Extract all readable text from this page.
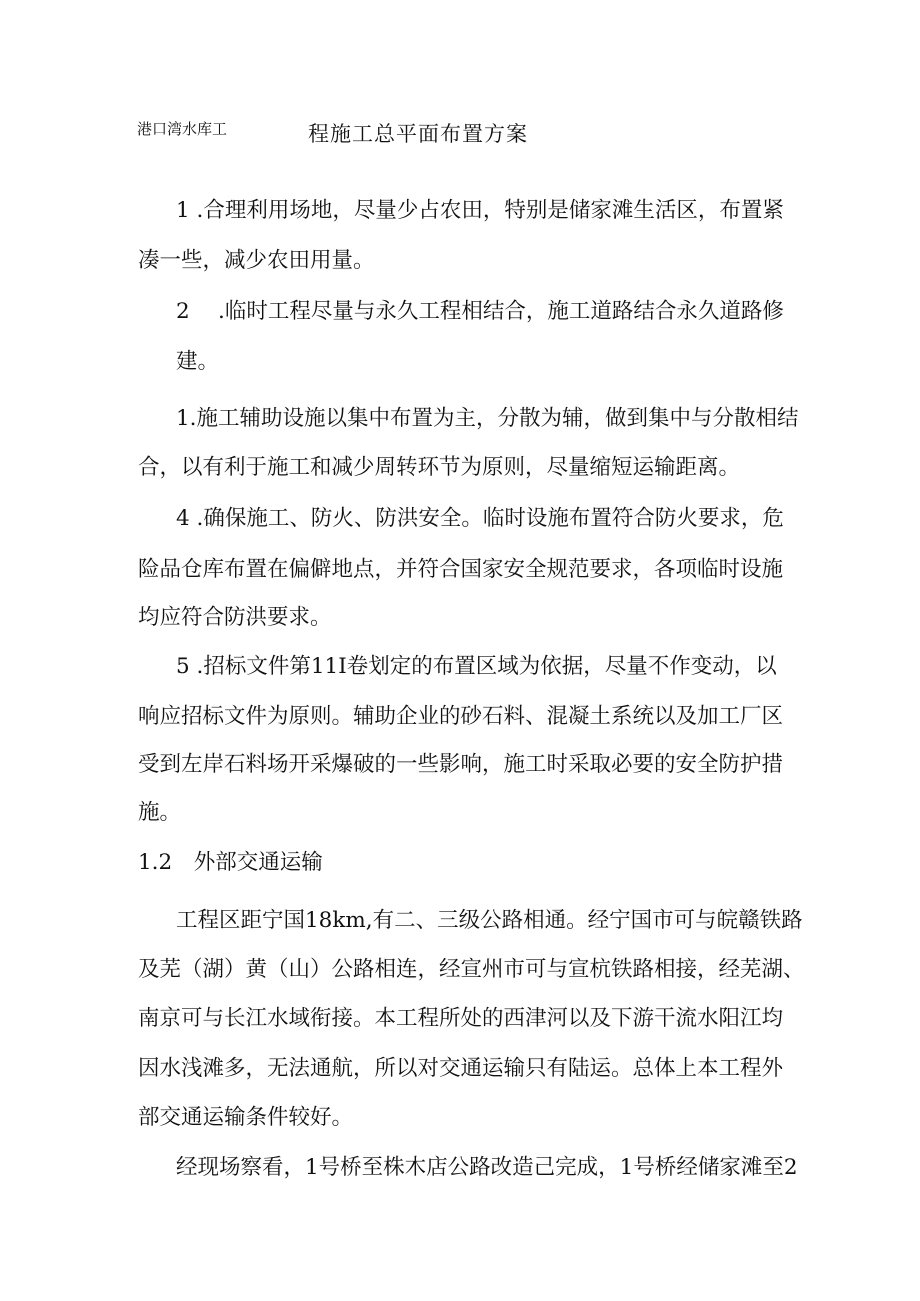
港口湾水库工	程施工总平面布置方案
1 .合理利用场地，尽量少占农田，特别是储家滩生活区，布置紧
凑一些，减少农田用量。
2　 .临时工程尽量与永久工程相结合，施工道路结合永久道路修
建。
1.施工辅助设施以集中布置为主，分散为辅，做到集中与分散相结
合，以有利于施工和减少周转环节为原则，尽量缩短运输距离。
4 .确保施工、防火、防洪安全。临时设施布置符合防火要求，危
险品仓库布置在偏僻地点，并符合国家安全规范要求，各项临时设施
均应符合防洪要求。
5 .招标文件第11I卷划定的布置区域为依据，尽量不作变动，以
响应招标文件为原则。辅助企业的砂石料、混凝土系统以及加工厂区
受到左岸石料场开采爆破的一些影响，施工时采取必要的安全防护措
施。
1.2　外部交通运输
工程区距宁国18km,有二、三级公路相通。经宁国市可与皖赣铁路
及芜（湖）黄（山）公路相连，经宣州市可与宣杭铁路相接，经芜湖、
南京可与长江水域衔接。本工程所处的西津河以及下游干流水阳江均
因水浅滩多，无法通航，所以对交通运输只有陆运。总体上本工程外
部交通运输条件较好。
经现场察看，1号桥至株木店公路改造己完成，1号桥经储家滩至2
